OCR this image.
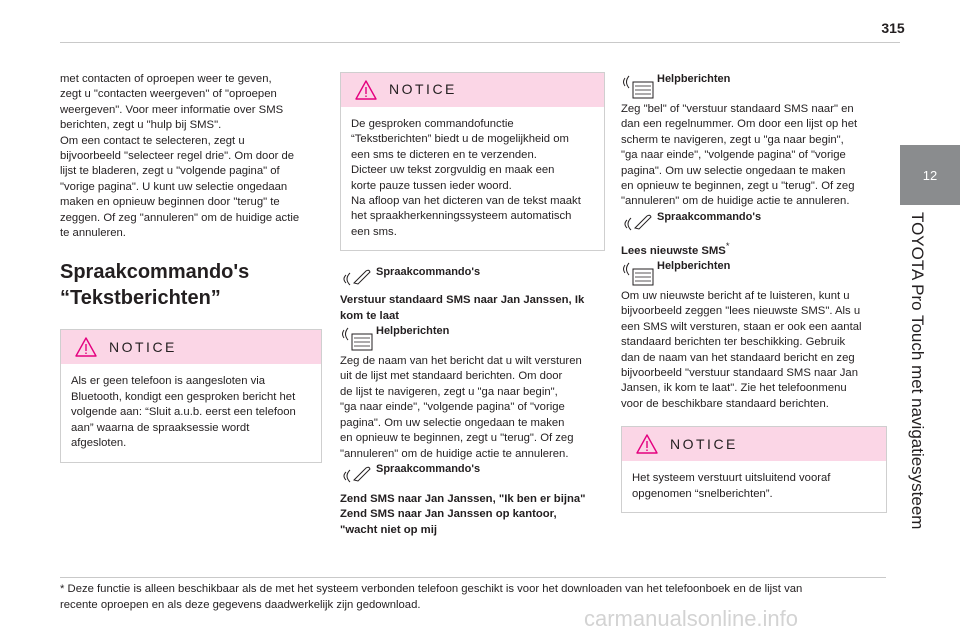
315
12
TOYOTA Pro Touch met navigatiesysteem
met contacten of oproepen weer te geven,
zegt u "contacten weergeven" of "oproepen
weergeven". Voor meer informatie over SMS
berichten, zegt u "hulp bij SMS".
Om een contact te selecteren, zegt u
bijvoorbeeld "selecteer regel drie". Om door de
lijst te bladeren, zegt u "volgende pagina" of
"vorige pagina". U kunt uw selectie ongedaan
maken en opnieuw beginnen door "terug" te
zeggen. Of zeg "annuleren" om de huidige actie
te annuleren.
Spraakcommando's
“Tekstberichten”
NOTICE
Als er geen telefoon is aangesloten via
Bluetooth, kondigt een gesproken bericht het
volgende aan: “Sluit a.u.b. eerst een telefoon
aan” waarna de spraaksessie wordt
afgesloten.
NOTICE
De gesproken commandofunctie
“Tekstberichten” biedt u de mogelijkheid om
een sms te dicteren en te verzenden.
Dicteer uw tekst zorgvuldig en maak een
korte pauze tussen ieder woord.
Na afloop van het dicteren van de tekst maakt
het spraakherkenningssysteem automatisch
een sms.
Spraakcommando's
Verstuur standaard SMS naar Jan Janssen, Ik
kom te laat
Helpberichten
Zeg de naam van het bericht dat u wilt versturen
uit de lijst met standaard berichten. Om door
de lijst te navigeren, zegt u "ga naar begin",
"ga naar einde", "volgende pagina" of "vorige
pagina". Om uw selectie ongedaan te maken
en opnieuw te beginnen, zegt u "terug". Of zeg
"annuleren" om de huidige actie te annuleren.
Spraakcommando's
Zend SMS naar Jan Janssen, "Ik ben er bijna"
Zend SMS naar Jan Janssen op kantoor,
"wacht niet op mij
Helpberichten
Zeg "bel" of "verstuur standaard SMS naar" en
dan een regelnummer. Om door een lijst op het
scherm te navigeren, zegt u "ga naar begin",
"ga naar einde", "volgende pagina" of "vorige
pagina". Om uw selectie ongedaan te maken
en opnieuw te beginnen, zegt u "terug". Of zeg
"annuleren" om de huidige actie te annuleren.
Spraakcommando's
Lees nieuwste SMS*
Helpberichten
Om uw nieuwste bericht af te luisteren, kunt u
bijvoorbeeld zeggen "lees nieuwste SMS". Als u
een SMS wilt versturen, staan er ook een aantal
standaard berichten ter beschikking. Gebruik
dan de naam van het standaard bericht en zeg
bijvoorbeeld "verstuur standaard SMS naar Jan
Jansen, ik kom te laat". Zie het telefoonmenu
voor de beschikbare standaard berichten.
NOTICE
Het systeem verstuurt uitsluitend vooraf
opgenomen “snelberichten”.
* Deze functie is alleen beschikbaar als de met het systeem verbonden telefoon geschikt is voor het downloaden van het telefoonboek en de lijst van
recente oproepen en als deze gegevens daadwerkelijk zijn gedownload.
carmanualsonline.info
